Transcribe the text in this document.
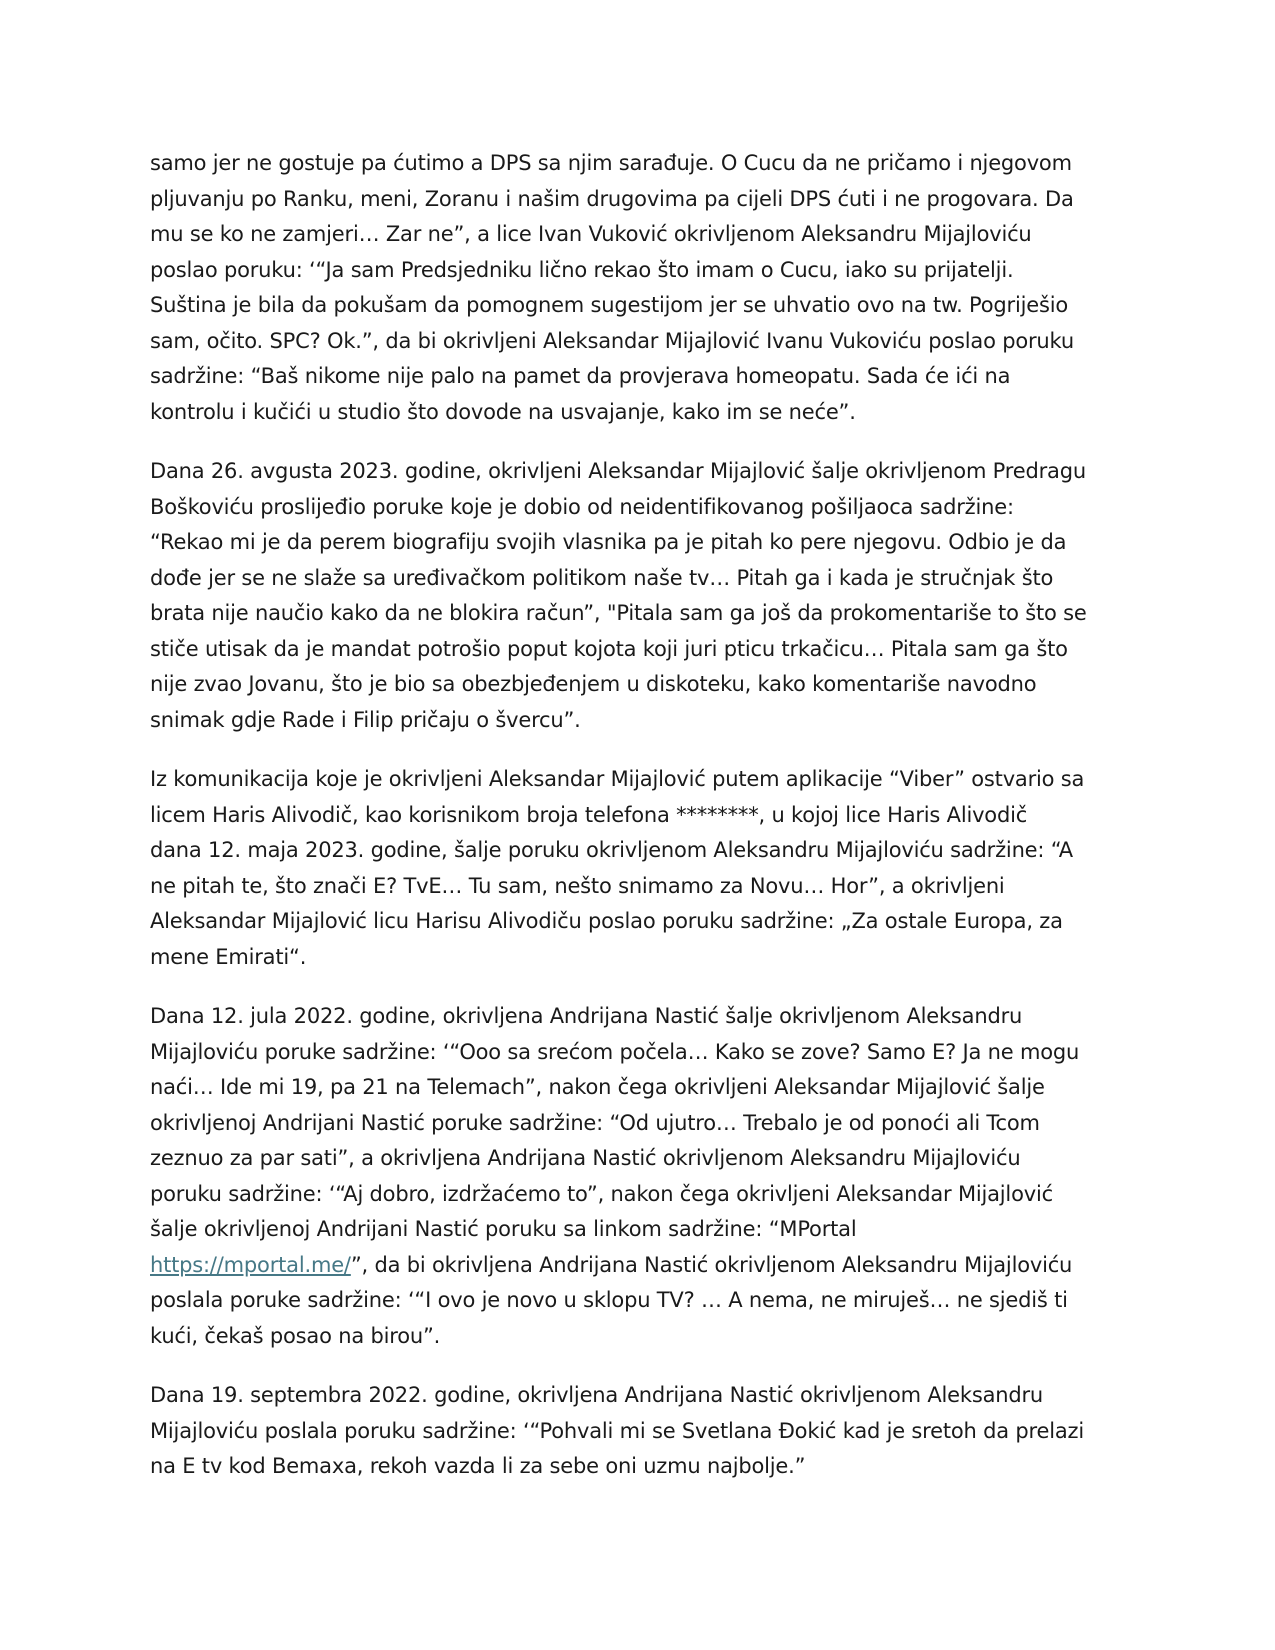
samo jer ne gostuje pa ćutimo a DPS sa njim sarađuje. O Cucu da ne pričamo i njegovom
pljuvanju po Ranku, meni, Zoranu i našim drugovima pa cijeli DPS ćuti i ne progovara. Da
mu se ko ne zamjeri… Zar ne”, a lice Ivan Vuković okrivljenom Aleksandru Mijajloviću
poslao poruku: ‘“Ja sam Predsjedniku lično rekao što imam o Cucu, iako su prijatelji.
Suština je bila da pokušam da pomognem sugestijom jer se uhvatio ovo na tw. Pogriješio
sam, očito. SPC? Ok.”, da bi okrivljeni Aleksandar Mijajlović Ivanu Vukoviću poslao poruku
sadržine: “Baš nikome nije palo na pamet da provjerava homeopatu. Sada će ići na
kontrolu i kučići u studio što dovode na usvajanje, kako im se neće”.

Dana 26. avgusta 2023. godine, okrivljeni Aleksandar Mijajlović šalje okrivljenom Predragu
Boškoviću proslijeđio poruke koje je dobio od neidentifikovanog pošiljaoca sadržine:
“Rekao mi je da perem biografiju svojih vlasnika pa je pitah ko pere njegovu. Odbio je da
dođe jer se ne slaže sa uređivačkom politikom naše tv… Pitah ga i kada je stručnjak što
brata nije naučio kako da ne blokira račun”, "Pitala sam ga još da prokomentariše to što se
stiče utisak da je mandat potrošio poput kojota koji juri pticu trkačicu… Pitala sam ga što
nije zvao Jovanu, što je bio sa obezbjeđenjem u diskoteku, kako komentariše navodno
snimak gdje Rade i Filip pričaju o švercu”.

Iz komunikacija koje je okrivljeni Aleksandar Mijajlović putem aplikacije “Viber” ostvario sa
licem Haris Alivodič, kao korisnikom broja telefona ********, u kojoj lice Haris Alivodič
dana 12. maja 2023. godine, šalje poruku okrivljenom Aleksandru Mijajloviću sadržine: “A
ne pitah te, što znači E? TvE… Tu sam, nešto snimamo za Novu… Hor”, a okrivljeni
Aleksandar Mijajlović licu Harisu Alivodiču poslao poruku sadržine: „Za ostale Europa, za
mene Emirati“.

Dana 12. jula 2022. godine, okrivljena Andrijana Nastić šalje okrivljenom Aleksandru
Mijajloviću poruke sadržine: ‘“Ooo sa srećom počela… Kako se zove? Samo E? Ja ne mogu
naći… Ide mi 19, pa 21 na Telemach”, nakon čega okrivljeni Aleksandar Mijajlović šalje
okrivljenoj Andrijani Nastić poruke sadržine: “Od ujutro… Trebalo je od ponoći ali Tcom
zeznuo za par sati”, a okrivljena Andrijana Nastić okrivljenom Aleksandru Mijajloviću
poruku sadržine: ‘“Aj dobro, izdržaćemo to”, nakon čega okrivljeni Aleksandar Mijajlović
šalje okrivljenoj Andrijani Nastić poruku sa linkom sadržine: “MPortal
https://mportal.me/”, da bi okrivljena Andrijana Nastić okrivljenom Aleksandru Mijajloviću
poslala poruke sadržine: ‘“I ovo je novo u sklopu TV? … A nema, ne miruješ… ne sjediš ti
kući, čekaš posao na birou”.

Dana 19. septembra 2022. godine, okrivljena Andrijana Nastić okrivljenom Aleksandru
Mijajloviću poslala poruku sadržine: ‘“Pohvali mi se Svetlana Đokić kad je sretoh da prelazi
na E tv kod Bemaxa, rekoh vazda li za sebe oni uzmu najbolje.”
